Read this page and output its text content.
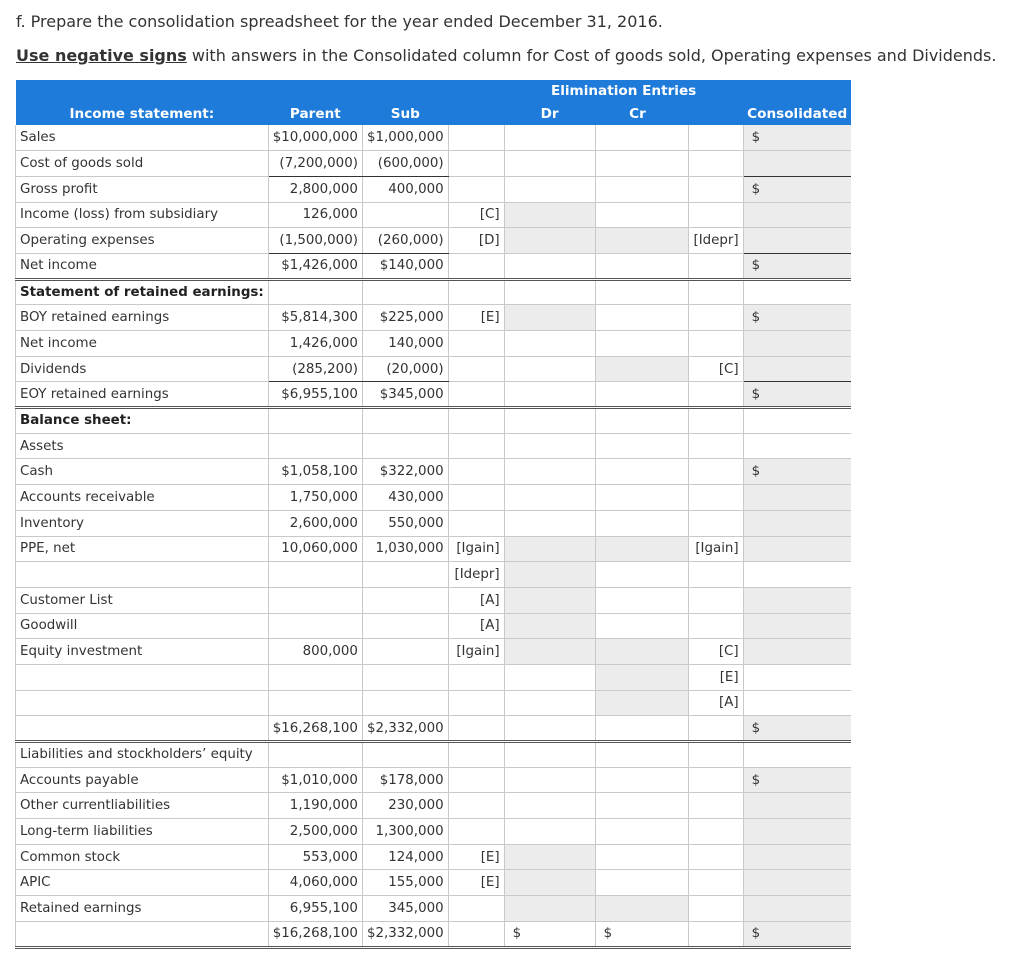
f. Prepare the consolidation spreadsheet for the year ended December 31, 2016.
Use negative signs with answers in the Consolidated column for Cost of goods sold, Operating expenses and Dividends.
				Elimination Entries			
Income statement:	Parent	Sub		Dr	Cr		Consolidated
Sales	$10,000,000	$1,000,000					$
Cost of goods sold	(7,200,000)	(600,000)					
Gross profit	2,800,000	400,000					$
Income (loss) from subsidiary	126,000		[C]				
Operating expenses	(1,500,000)	(260,000)	[D]			[Idepr]	
Net income	$1,426,000	$140,000					$
Statement of retained earnings:							
BOY retained earnings	$5,814,300	$225,000	[E]				$
Net income	1,426,000	140,000					
Dividends	(285,200)	(20,000)				[C]	
EOY retained earnings	$6,955,100	$345,000					$
Balance sheet:							
Assets							
Cash	$1,058,100	$322,000					$
Accounts receivable	1,750,000	430,000					
Inventory	2,600,000	550,000					
PPE, net	10,060,000	1,030,000	[Igain]			[Igain]	
			[Idepr]				
Customer List			[A]				
Goodwill			[A]				
Equity investment	800,000		[Igain]			[C]	
						[E]	
						[A]	
	$16,268,100	$2,332,000					$
Liabilities and stockholders’ equity							
Accounts payable	$1,010,000	$178,000					$
Other currentliabilities	1,190,000	230,000					
Long-term liabilities	2,500,000	1,300,000					
Common stock	553,000	124,000	[E]				
APIC	4,060,000	155,000	[E]				
Retained earnings	6,955,100	345,000					
	$16,268,100	$2,332,000		$	$		$
